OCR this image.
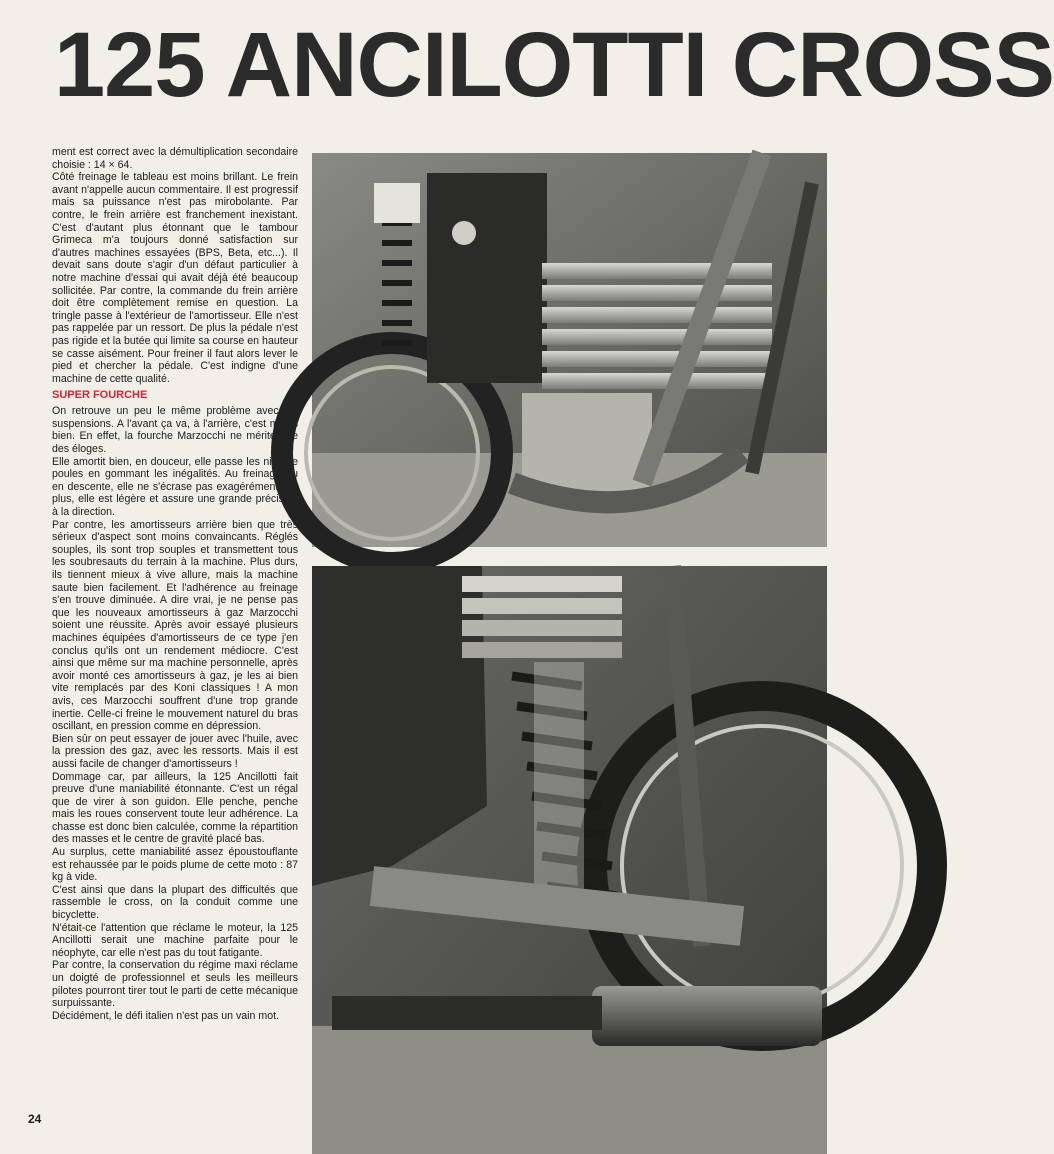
125 ANCILOTTI CROSS

ment est correct avec la démultiplication secondaire choisie : 14 × 64.

Côté freinage le tableau est moins brillant. Le frein avant n'appelle aucun commentaire. Il est progressif mais sa puissance n'est pas mirobolante. Par contre, le frein arrière est franchement inexistant. C'est d'autant plus étonnant que le tambour Grimeca m'a toujours donné satisfaction sur d'autres machines essayées (BPS, Beta, etc...). Il devait sans doute s'agir d'un défaut particulier à notre machine d'essai qui avait déjà été beaucoup sollicitée. Par contre, la commande du frein arrière doit être complètement remise en question. La tringle passe à l'extérieur de l'amortisseur. Elle n'est pas rappelée par un ressort. De plus la pédale n'est pas rigide et la butée qui limite sa course en hauteur se casse aisément. Pour freiner il faut alors lever le pied et chercher la pédale. C'est indigne d'une machine de cette qualité.

SUPER FOURCHE

On retrouve un peu le même problème avec les suspensions. A l'avant ça va, à l'arrière, c'est moins bien. En effet, la fourche Marzocchi ne mérite que des éloges.

Elle amortit bien, en douceur, elle passe les nids de poules en gommant les inégalités. Au freinage ou en descente, elle ne s'écrase pas exagérément. En plus, elle est légère et assure une grande précision à la direction.

Par contre, les amortisseurs arrière bien que très sérieux d'aspect sont moins convaincants. Réglés souples, ils sont trop souples et transmettent tous les soubresauts du terrain à la machine. Plus durs, ils tiennent mieux à vive allure, mais la machine saute bien facilement. Et l'adhérence au freinage s'en trouve diminuée. A dire vrai, je ne pense pas que les nouveaux amortisseurs à gaz Marzocchi soient une réussite. Après avoir essayé plusieurs machines équipées d'amortisseurs de ce type j'en conclus qu'ils ont un rendement médiocre. C'est ainsi que même sur ma machine personnelle, après avoir monté ces amortisseurs à gaz, je les ai bien vite remplacés par des Koni classiques ! A mon avis, ces Marzocchi souffrent d'une trop grande inertie. Celle-ci freine le mouvement naturel du bras oscillant, en pression comme en dépression.

Bien sûr on peut essayer de jouer avec l'huile, avec la pression des gaz, avec les ressorts. Mais il est aussi facile de changer d'amortisseurs !

Dommage car, par ailleurs, la 125 Ancillotti fait preuve d'une maniabilité étonnante. C'est un régal que de virer à son guidon. Elle penche, penche mais les roues conservent toute leur adhérence. La chasse est donc bien calculée, comme la répartition des masses et le centre de gravité placé bas.

Au surplus, cette maniabilité assez époustouflante est rehaussée par le poids plume de cette moto : 87 kg à vide.

C'est ainsi que dans la plupart des difficultés que rassemble le cross, on la conduit comme une bicyclette.

N'était-ce l'attention que réclame le moteur, la 125 Ancillotti serait une machine parfaite pour le néophyte, car elle n'est pas du tout fatigante.

Par contre, la conservation du régime maxi réclame un doigté de professionnel et seuls les meilleurs pilotes pourront tirer tout le parti de cette mécanique surpuissante.

Décidément, le défi italien n'est pas un vain mot.

24
